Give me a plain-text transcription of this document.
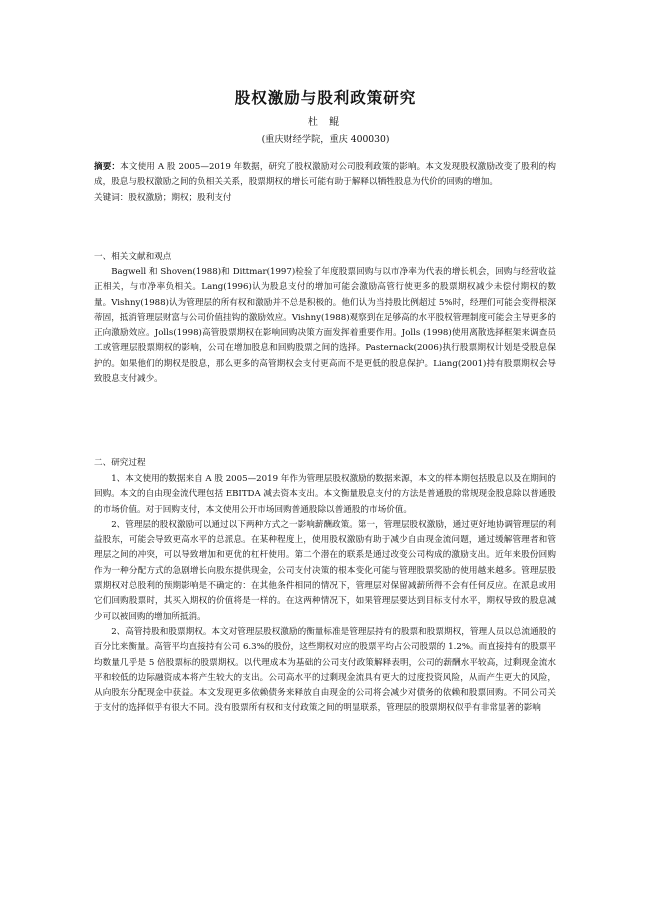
股权激励与股利政策研究
杜 鲲
(重庆财经学院，重庆 400030)
摘要：本文使用 A 股 2005—2019 年数据，研究了股权激励对公司股利政策的影响。本文发现股权激励改变了股利的构成，股息与股权激励之间的负相关关系，股票期权的增长可能有助于解释以牺牲股息为代价的回购的增加。
关键词：股权激励；期权；股利支付
一、相关文献和观点

Bagwell 和 Shoven(1988)和 Dittmar(1997)检验了年度股票回购与以市净率为代表的增长机会，回购与经营收益正相关，与市净率负相关。Lang(1996)认为股息支付的增加可能会激励高管行使更多的股票期权减少未偿付期权的数量。Vishny(1988)认为管理层的所有权和激励并不总是积极的。他们认为当持股比例超过 5%时，经理们可能会变得根深蒂固，抵消管理层财富与公司价值挂钩的激励效应。Vishny(1988)观察到在足够高的水平股权管理制度可能会主导更多的正向激励效应。Jolls(1998)高管股票期权在影响回购决策方面发挥着重要作用。Jolls (1998)使用离散选择框架来调查员工或管理层股票期权的影响，公司在增加股息和回购股票之间的选择。Pasternack(2006)执行股票期权计划是受股息保护的。如果他们的期权是股息，那么更多的高管期权会支付更高而不是更低的股息保护。Liang(2001)持有股票期权会导致股息支付减少。

二、研究过程

1、本文使用的数据来自 A 股 2005—2019 年作为管理层股权激励的数据来源，本文的样本期包括股息以及在期间的回购。本文的自由现金流代理包括 EBITDA 减去资本支出。本文衡量股息支付的方法是普通股的常规现金股息除以普通股的市场价值。对于回购支付，本文使用公开市场回购普通股除以普通股的市场价值。

2、管理层的股权激励可以通过以下两种方式之一影响薪酬政策。第一，管理层股权激励，通过更好地协调管理层的利益股东，可能会导致更高水平的总派息。在某种程度上，使用股权激励有助于减少自由现金流问题，通过缓解管理者和管理层之间的冲突，可以导致增加和更优的杠杆使用。第二个潜在的联系是通过改变公司构成的激励支出。近年来股份回购作为一种分配方式的急剧增长向股东提供现金，公司支付决策的根本变化可能与管理股票奖励的使用越来越多。管理层股票期权对总股利的预期影响是不确定的：在其他条件相同的情况下，管理层对保留减薪所得不会有任何反应。在派息或用它们回购股票时，其买入期权的价值将是一样的。在这两种情况下，如果管理层要达到目标支付水平，期权导致的股息减少可以被回购的增加所抵消。

2、高管持股和股票期权。本文对管理层股权激励的衡量标准是管理层持有的股票和股票期权，管理人员以总流通股的百分比来衡量。高管平均直接持有公司 6.3%的股份，这些期权对应的股票平均占公司股票的 1.2%。而直接持有的股票平均数量几乎是 5 倍股票标的股票期权。以代理成本为基础的公司支付政策解释表明，公司的薪酬水平较高，过剩现金流水平和较低的边际融资成本将产生较大的支出。公司高水平的过剩现金流具有更大的过度投资风险，从而产生更大的风险，从向股东分配现金中获益。本文发现更多依赖债务来释放自由现金的公司将会减少对债务的依赖和股票回购。不同公司关于支付的选择似乎有很大不同。没有股票所有权和支付政策之间的明显联系，管理层的股票期权似乎有非常显著的影响
